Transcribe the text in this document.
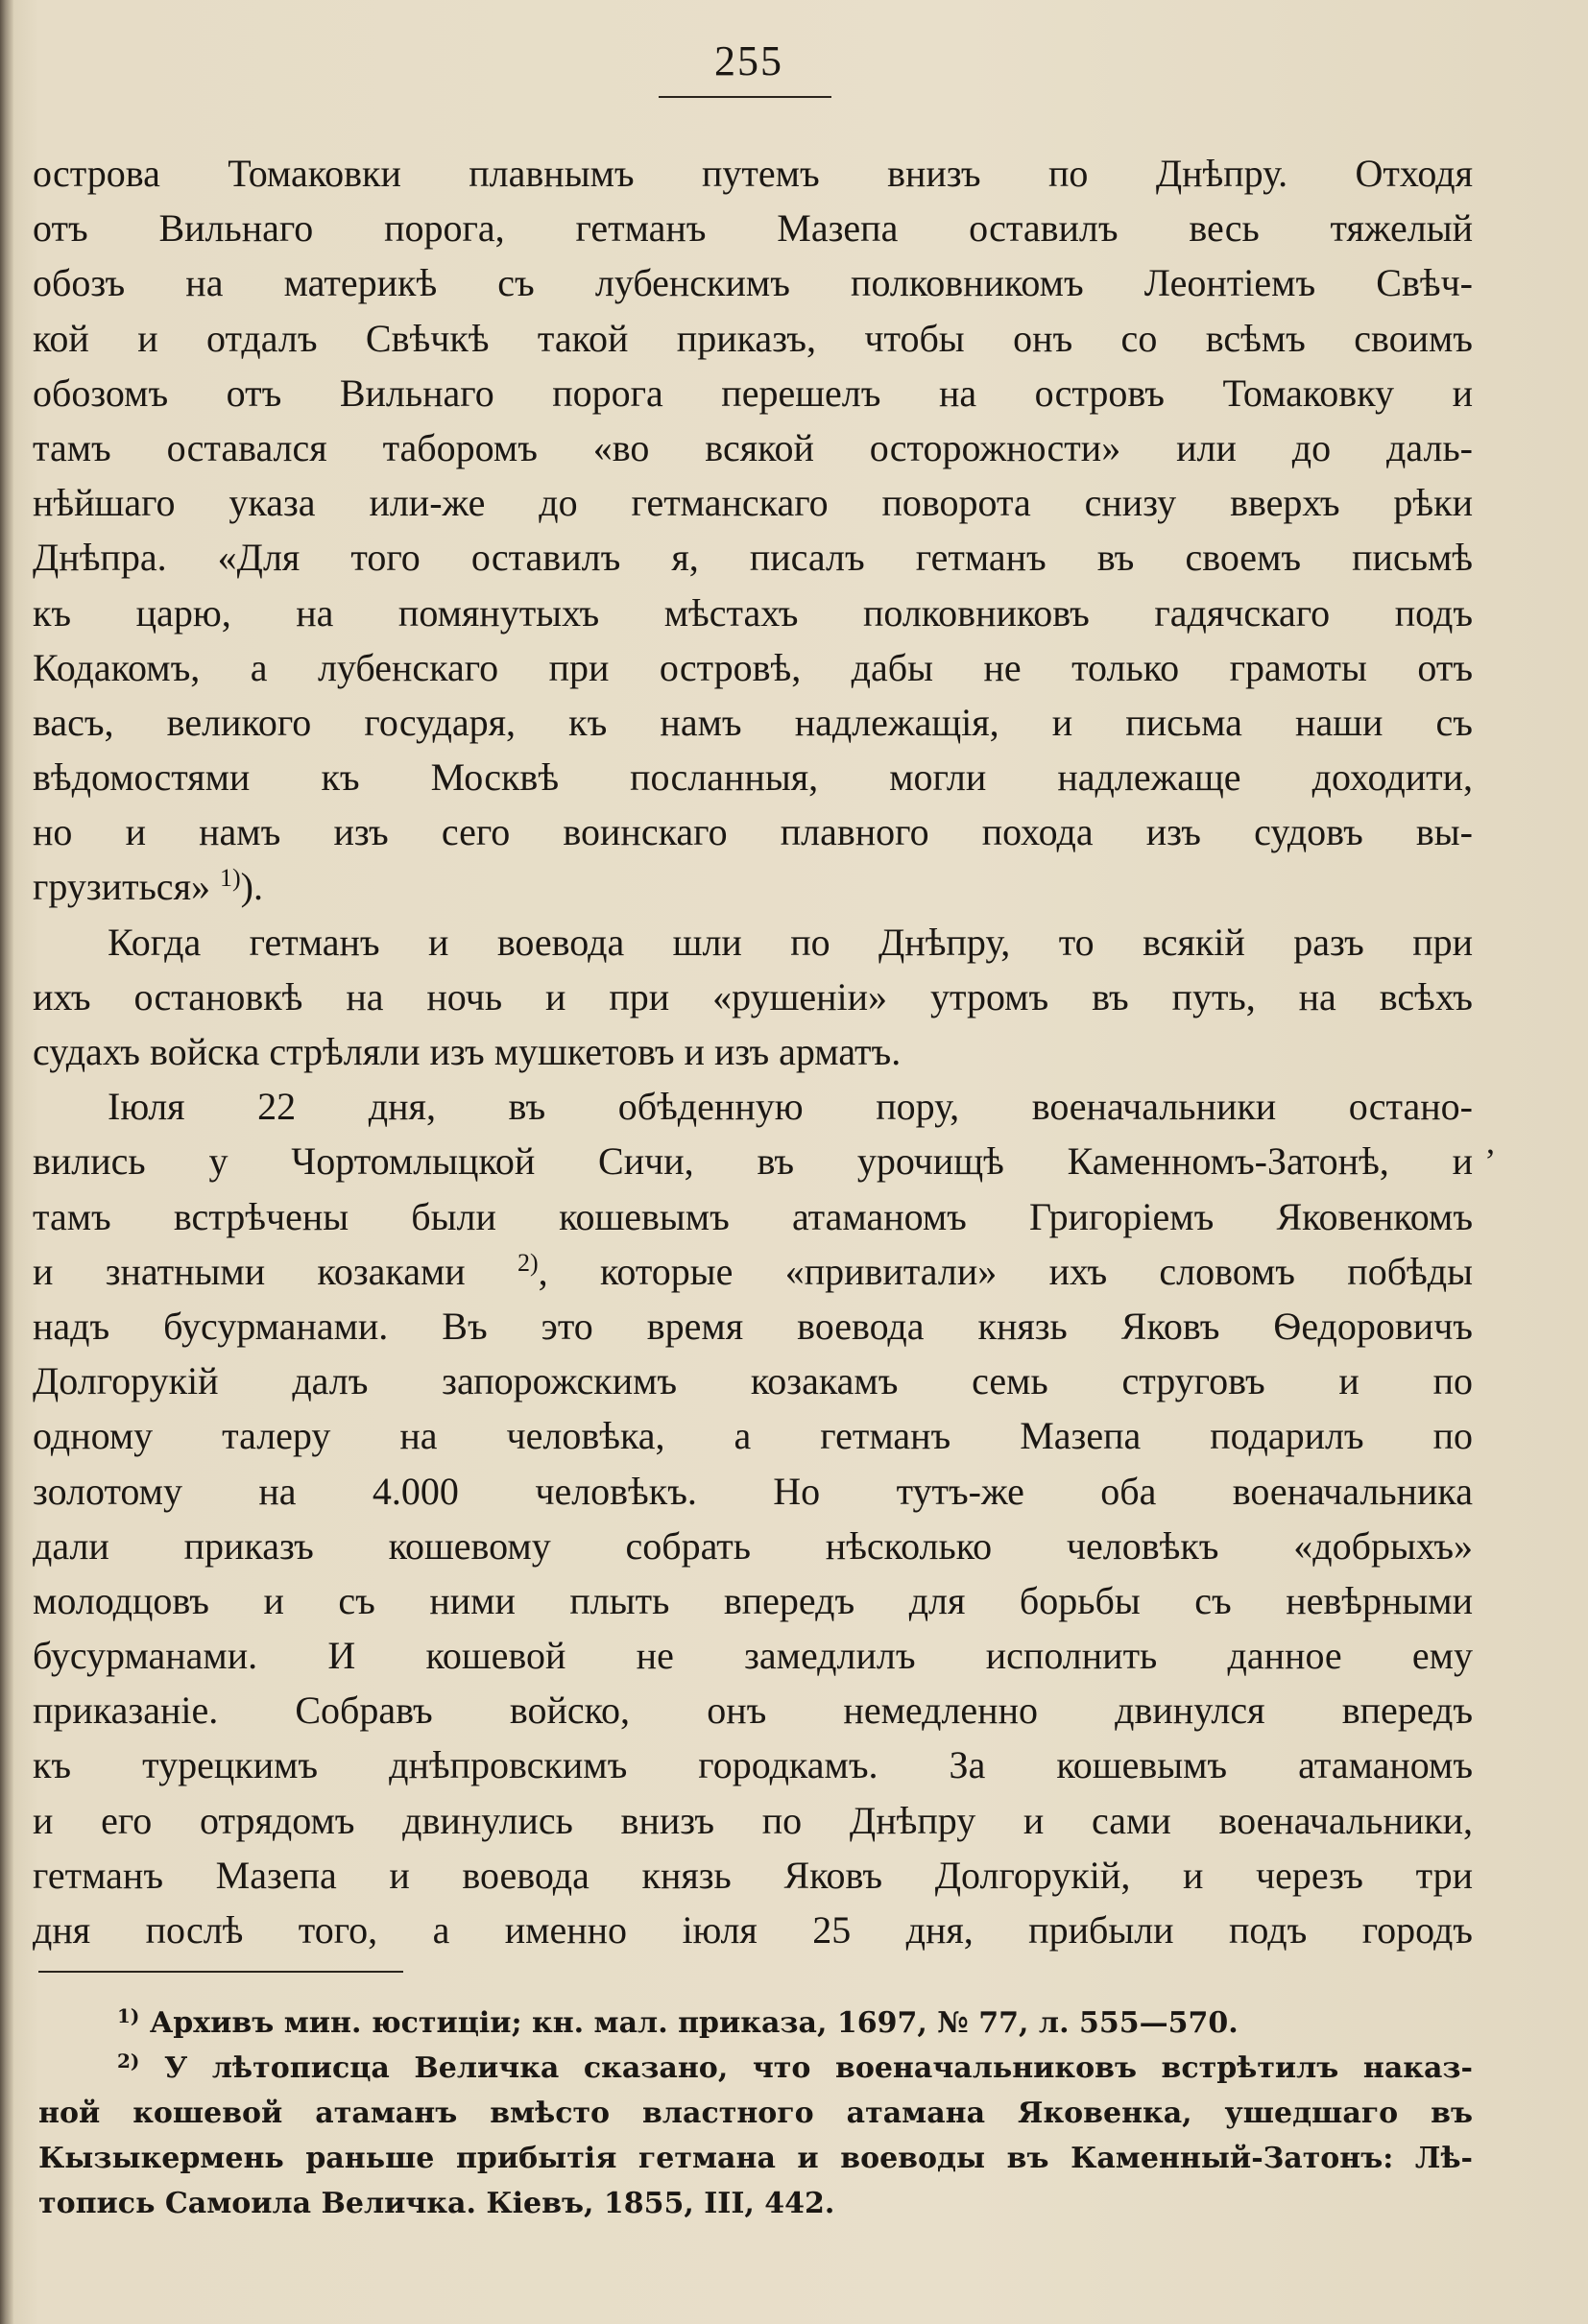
255
острова Томаковки плавнымъ путемъ внизъ по Днѣпру. Отходя
отъ Вильнаго порога, гетманъ Мазепа оставилъ весь тяжелый
обозъ на материкѣ съ лубенскимъ полковникомъ Леонтіемъ Свѣч-
кой и отдалъ Свѣчкѣ такой приказъ, чтобы онъ со всѣмъ своимъ
обозомъ отъ Вильнаго порога перешелъ на островъ Томаковку и
тамъ оставался таборомъ «во всякой осторожности» или до даль-
нѣйшаго указа или-же до гетманскаго поворота снизу вверхъ рѣки
Днѣпра. «Для того оставилъ я, писалъ гетманъ въ своемъ письмѣ
къ царю, на помянутыхъ мѣстахъ полковниковъ гадячскаго подъ
Кодакомъ, а лубенскаго при островѣ, дабы не только грамоты отъ
васъ, великого государя, къ намъ надлежащія, и письма наши съ
вѣдомостями къ Москвѣ посланныя, могли надлежаще доходити,
но и намъ изъ сего воинскаго плавного похода изъ судовъ вы-
грузиться» $^{1)}$).
Когда гетманъ и воевода шли по Днѣпру, то всякій разъ при
ихъ остановкѣ на ночь и при «рушеніи» утромъ въ путь, на всѣхъ
судахъ войска стрѣляли изъ мушкетовъ и изъ арматъ.
Іюля 22 дня, въ обѣденную пору, военачальники остано-
вились у Чортомлыцкой Сичи, въ урочищѣ Каменномъ-Затонѣ, и
тамъ встрѣчены были кошевымъ атаманомъ Григоріемъ Яковенкомъ
и знатными козаками $^{2)}$, которые «привитали» ихъ словомъ побѣды
надъ бусурманами. Въ это время воевода князь Яковъ Ѳедоровичъ
Долгорукій далъ запорожскимъ козакамъ семь струговъ и по
одному талеру на человѣка, а гетманъ Мазепа подарилъ по
золотому на 4.000 человѣкъ. Но тутъ-же оба военачальника
дали приказъ кошевому собрать нѣсколько человѣкъ «добрыхъ»
молодцовъ и съ ними плыть впередъ для борьбы съ невѣрными
бусурманами. И кошевой не замедлилъ исполнить данное ему
приказаніе. Собравъ войско, онъ немедленно двинулся впередъ
къ турецкимъ днѣпровскимъ городкамъ. За кошевымъ атаманомъ
и его отрядомъ двинулись внизъ по Днѣпру и сами военачальники,
гетманъ Мазепа и воевода князь Яковъ Долгорукій, и черезъ три
дня послѣ того, а именно іюля 25 дня, прибыли подъ городъ
,
$^{1)}$ Архивъ мин. юстиціи; кн. мал. приказа, 1697, № 77, л. 555—570.
$^{2)}$ У лѣтописца Величка сказано, что военачальниковъ встрѣтилъ наказ-
ной кошевой атаманъ вмѣсто властного атамана Яковенка, ушедшаго въ
Кызыкермень раньше прибытія гетмана и воеводы въ Каменный-Затонъ: Лѣ-
топись Самоила Величка. Кіевъ, 1855, III, 442.
